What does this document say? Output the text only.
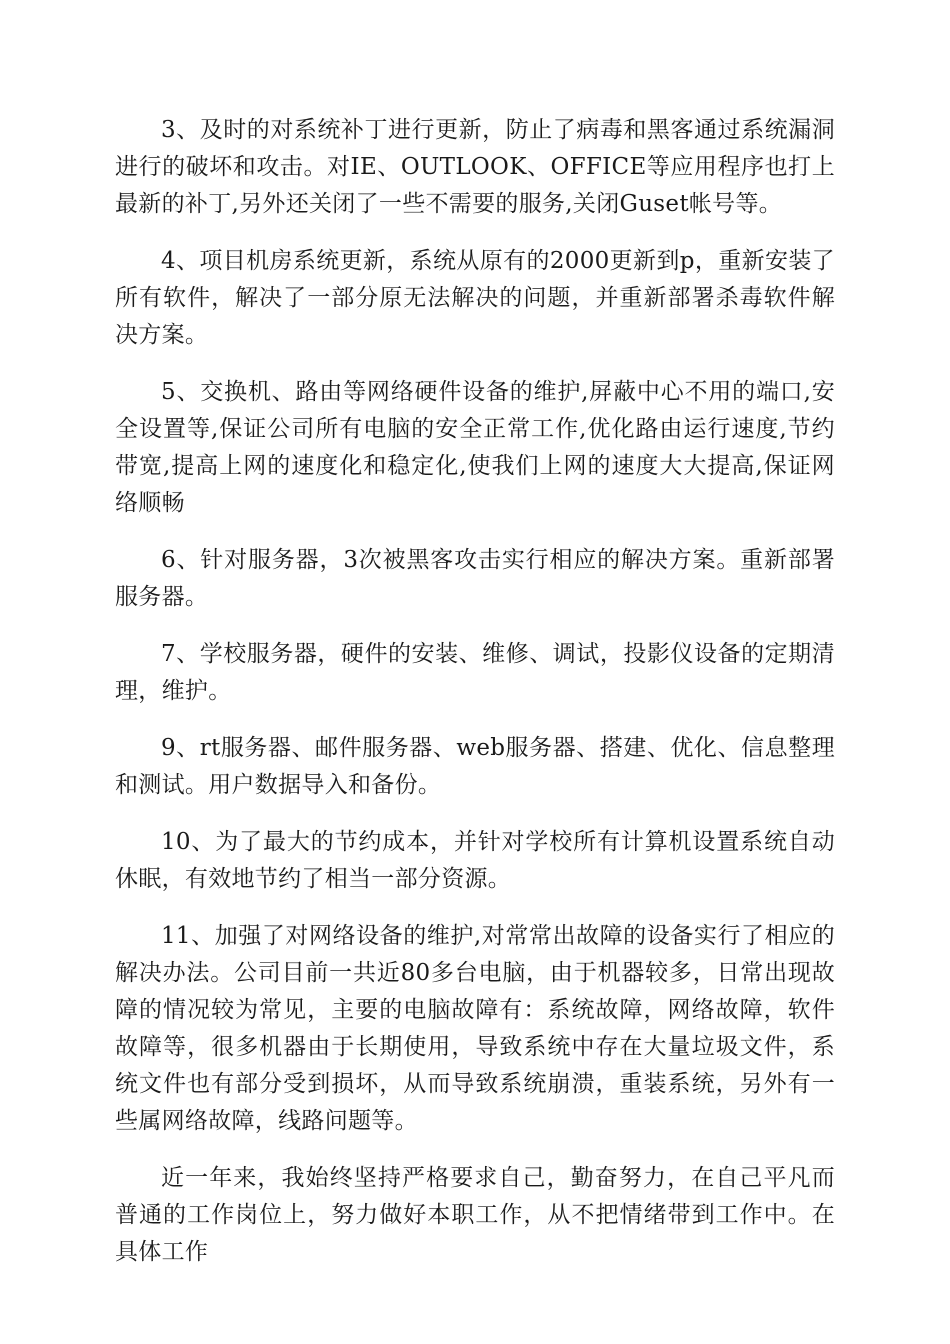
3、及时的对系统补丁进行更新，防止了病毒和黑客通过系统漏洞进行的破坏和攻击。对IE、OUTLOOK、OFFICE等应用程序也打上最新的补丁,另外还关闭了一些不需要的服务,关闭Guset帐号等。

4、项目机房系统更新，系统从原有的2000更新到p，重新安装了所有软件，解决了一部分原无法解决的问题，并重新部署杀毒软件解决方案。

5、交换机、路由等网络硬件设备的维护,屏蔽中心不用的端口,安全设置等,保证公司所有电脑的安全正常工作,优化路由运行速度,节约带宽,提高上网的速度化和稳定化,使我们上网的速度大大提高,保证网络顺畅

6、针对服务器，3次被黑客攻击实行相应的解决方案。重新部署服务器。

7、学校服务器，硬件的安装、维修、调试，投影仪设备的定期清理，维护。

9、rt服务器、邮件服务器、web服务器、搭建、优化、信息整理和测试。用户数据导入和备份。

10、为了最大的节约成本，并针对学校所有计算机设置系统自动休眠，有效地节约了相当一部分资源。

11、加强了对网络设备的维护,对常常出故障的设备实行了相应的解决办法。公司目前一共近80多台电脑，由于机器较多，日常出现故障的情况较为常见，主要的电脑故障有：系统故障，网络故障，软件故障等，很多机器由于长期使用，导致系统中存在大量垃圾文件，系统文件也有部分受到损坏，从而导致系统崩溃，重装系统，另外有一些属网络故障，线路问题等。

近一年来，我始终坚持严格要求自己，勤奋努力，在自己平凡而普通的工作岗位上，努力做好本职工作，从不把情绪带到工作中。在具体工作
